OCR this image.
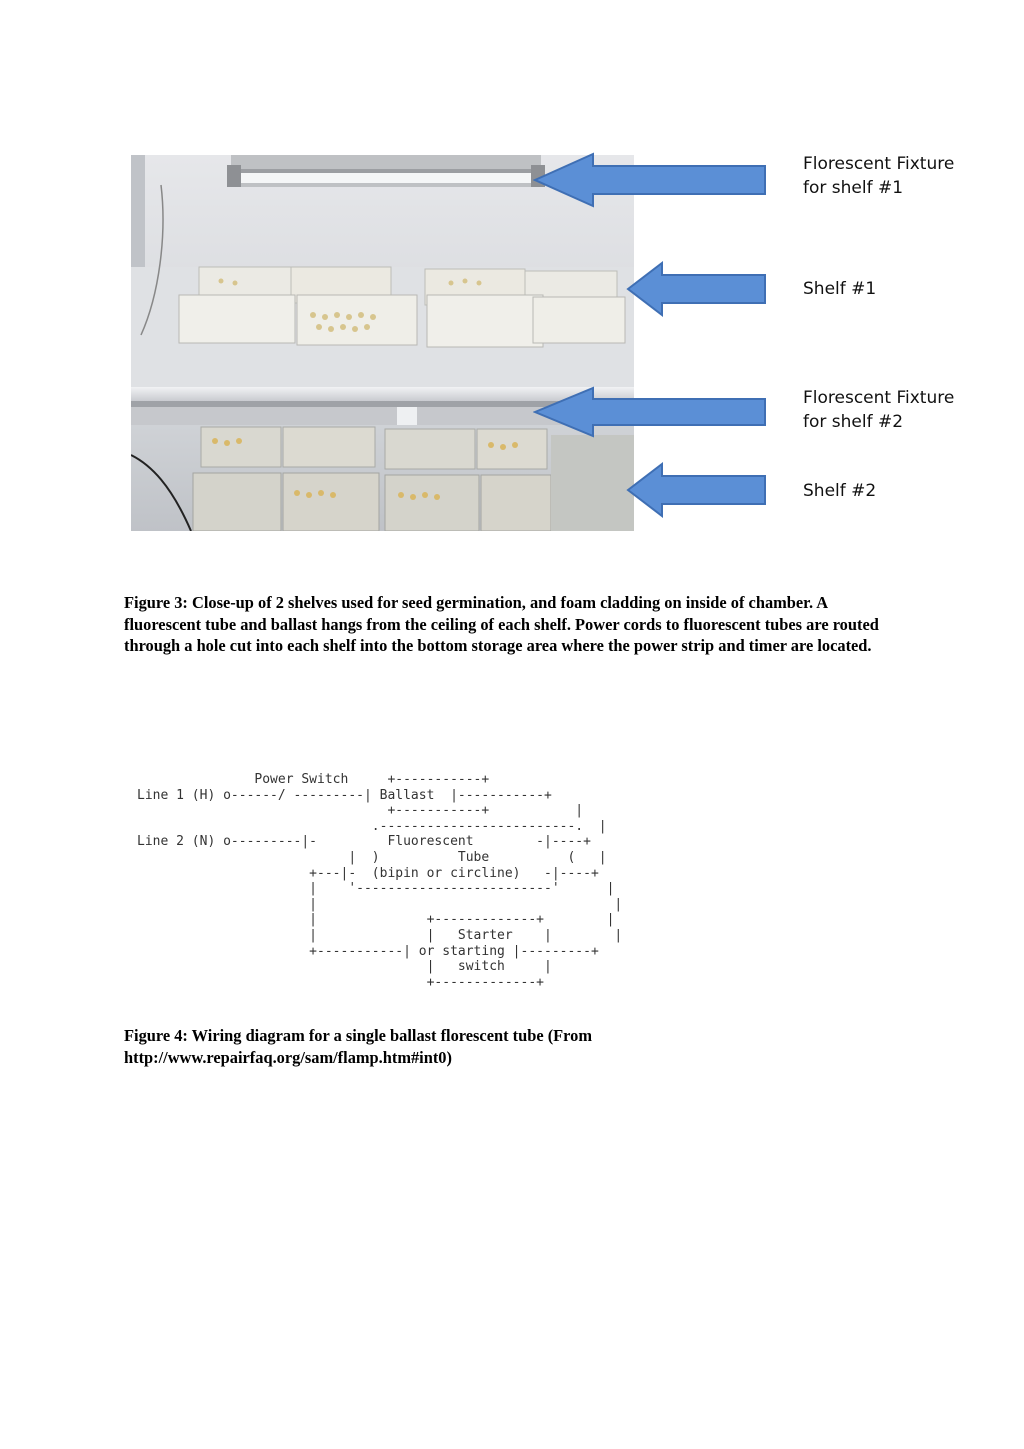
Florescent Fixture
for shelf #1
Shelf #1
Florescent Fixture
for shelf #2
Shelf #2
Figure 3: Close-up of 2 shelves used for seed germination, and foam cladding on inside of chamber. A fluorescent tube and ballast hangs from the ceiling of each shelf. Power cords to fluorescent tubes are routed through a hole cut into each shelf into the bottom storage area where the power strip and timer are located.
Power Switch     +-----------+
Line 1 (H) o------/ ---------| Ballast  |-----------+
+-----------+           |
.-------------------------.  |
Line 2 (N) o---------|-         Fluorescent        -|----+
|  )          Tube          (   |
+---|-  (bipin or circline)   -|----+
|    '-------------------------'      |
|                                      |
|              +-------------+        |
|              |   Starter    |        |
+-----------| or starting |---------+
|   switch     |
+-------------+
Figure 4: Wiring diagram for a single ballast florescent tube (From http://www.repairfaq.org/sam/flamp.htm#int0)
